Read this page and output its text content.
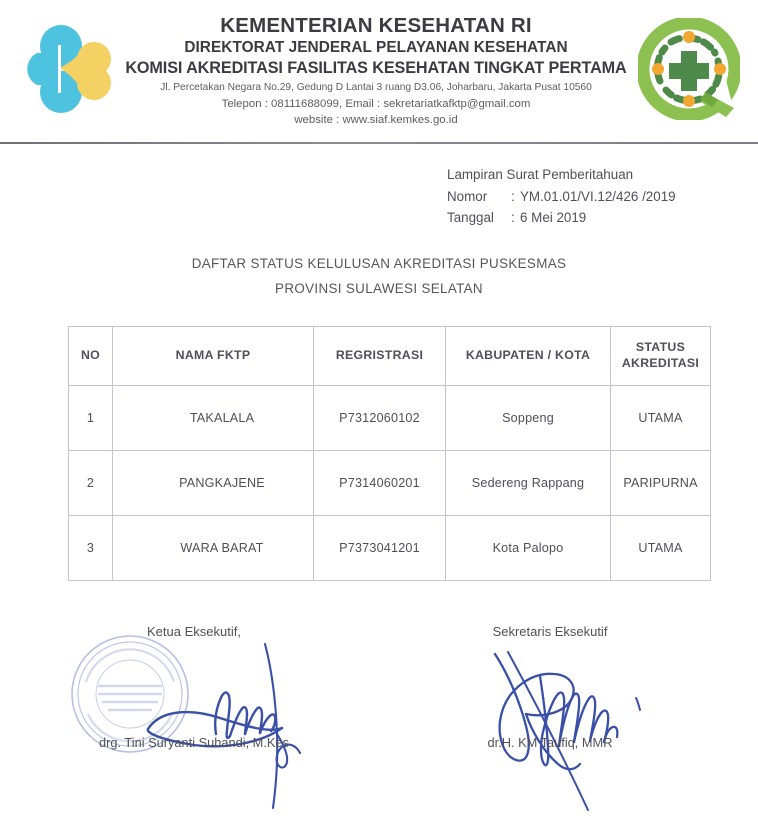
KEMENTERIAN KESEHATAN RI
DIREKTORAT JENDERAL PELAYANAN KESEHATAN
KOMISI AKREDITASI FASILITAS KESEHATAN TINGKAT PERTAMA
Jl. Percetakan Negara No.29, Gedung D Lantai 3 ruang D3.06, Joharbaru, Jakarta Pusat 10560
Telepon : 08111688099, Email : sekretariatkafktp@gmail.com
website : www.siaf.kemkes.go.id
Lampiran Surat Pemberitahuan
Nomor	: YM.01.01/VI.12/426 /2019
Tanggal	: 6 Mei 2019
DAFTAR STATUS KELULUSAN AKREDITASI PUSKESMAS
PROVINSI SULAWESI SELATAN
NO	NAMA FKTP	REGRISTRASI	KABUPATEN / KOTA	STATUS
AKREDITASI
1	TAKALALA	P7312060102	Soppeng	UTAMA
2	PANGKAJENE	P7314060201	Sedereng Rappang	PARIPURNA
3	WARA BARAT	P7373041201	Kota Palopo	UTAMA
Ketua Eksekutif,
drg. Tini Suryanti Suhandi, M.Kes
Sekretaris Eksekutif
dr.H. KM Taufiq, MMR
